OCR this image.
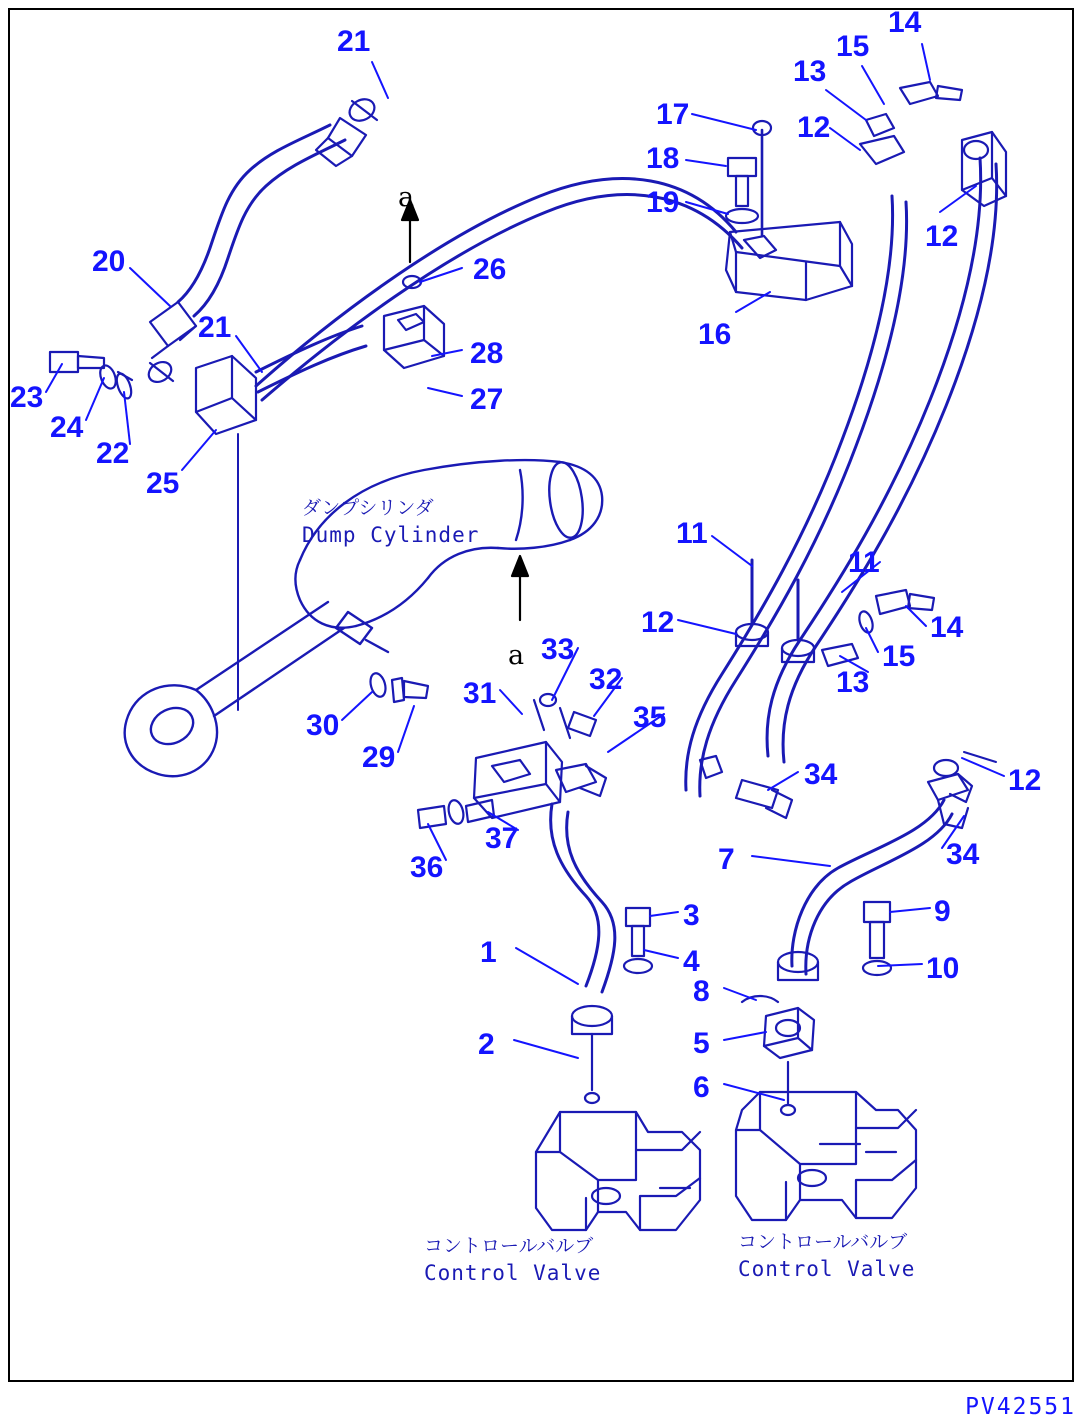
ダンプシリンダ
Dump Cylinder
コントロールバルブ
Control Valve
コントロールバルブ
Control Valve
a
a
PV42551
21
14
15
13
17	12
18
19
12
20	26
21	16
28
23	27
24
22
25
11
11
12	14
33	15
32	13
31
35
30
29
34	12
37
36	34
7
3	9
4
1	10
8
5
2
6
